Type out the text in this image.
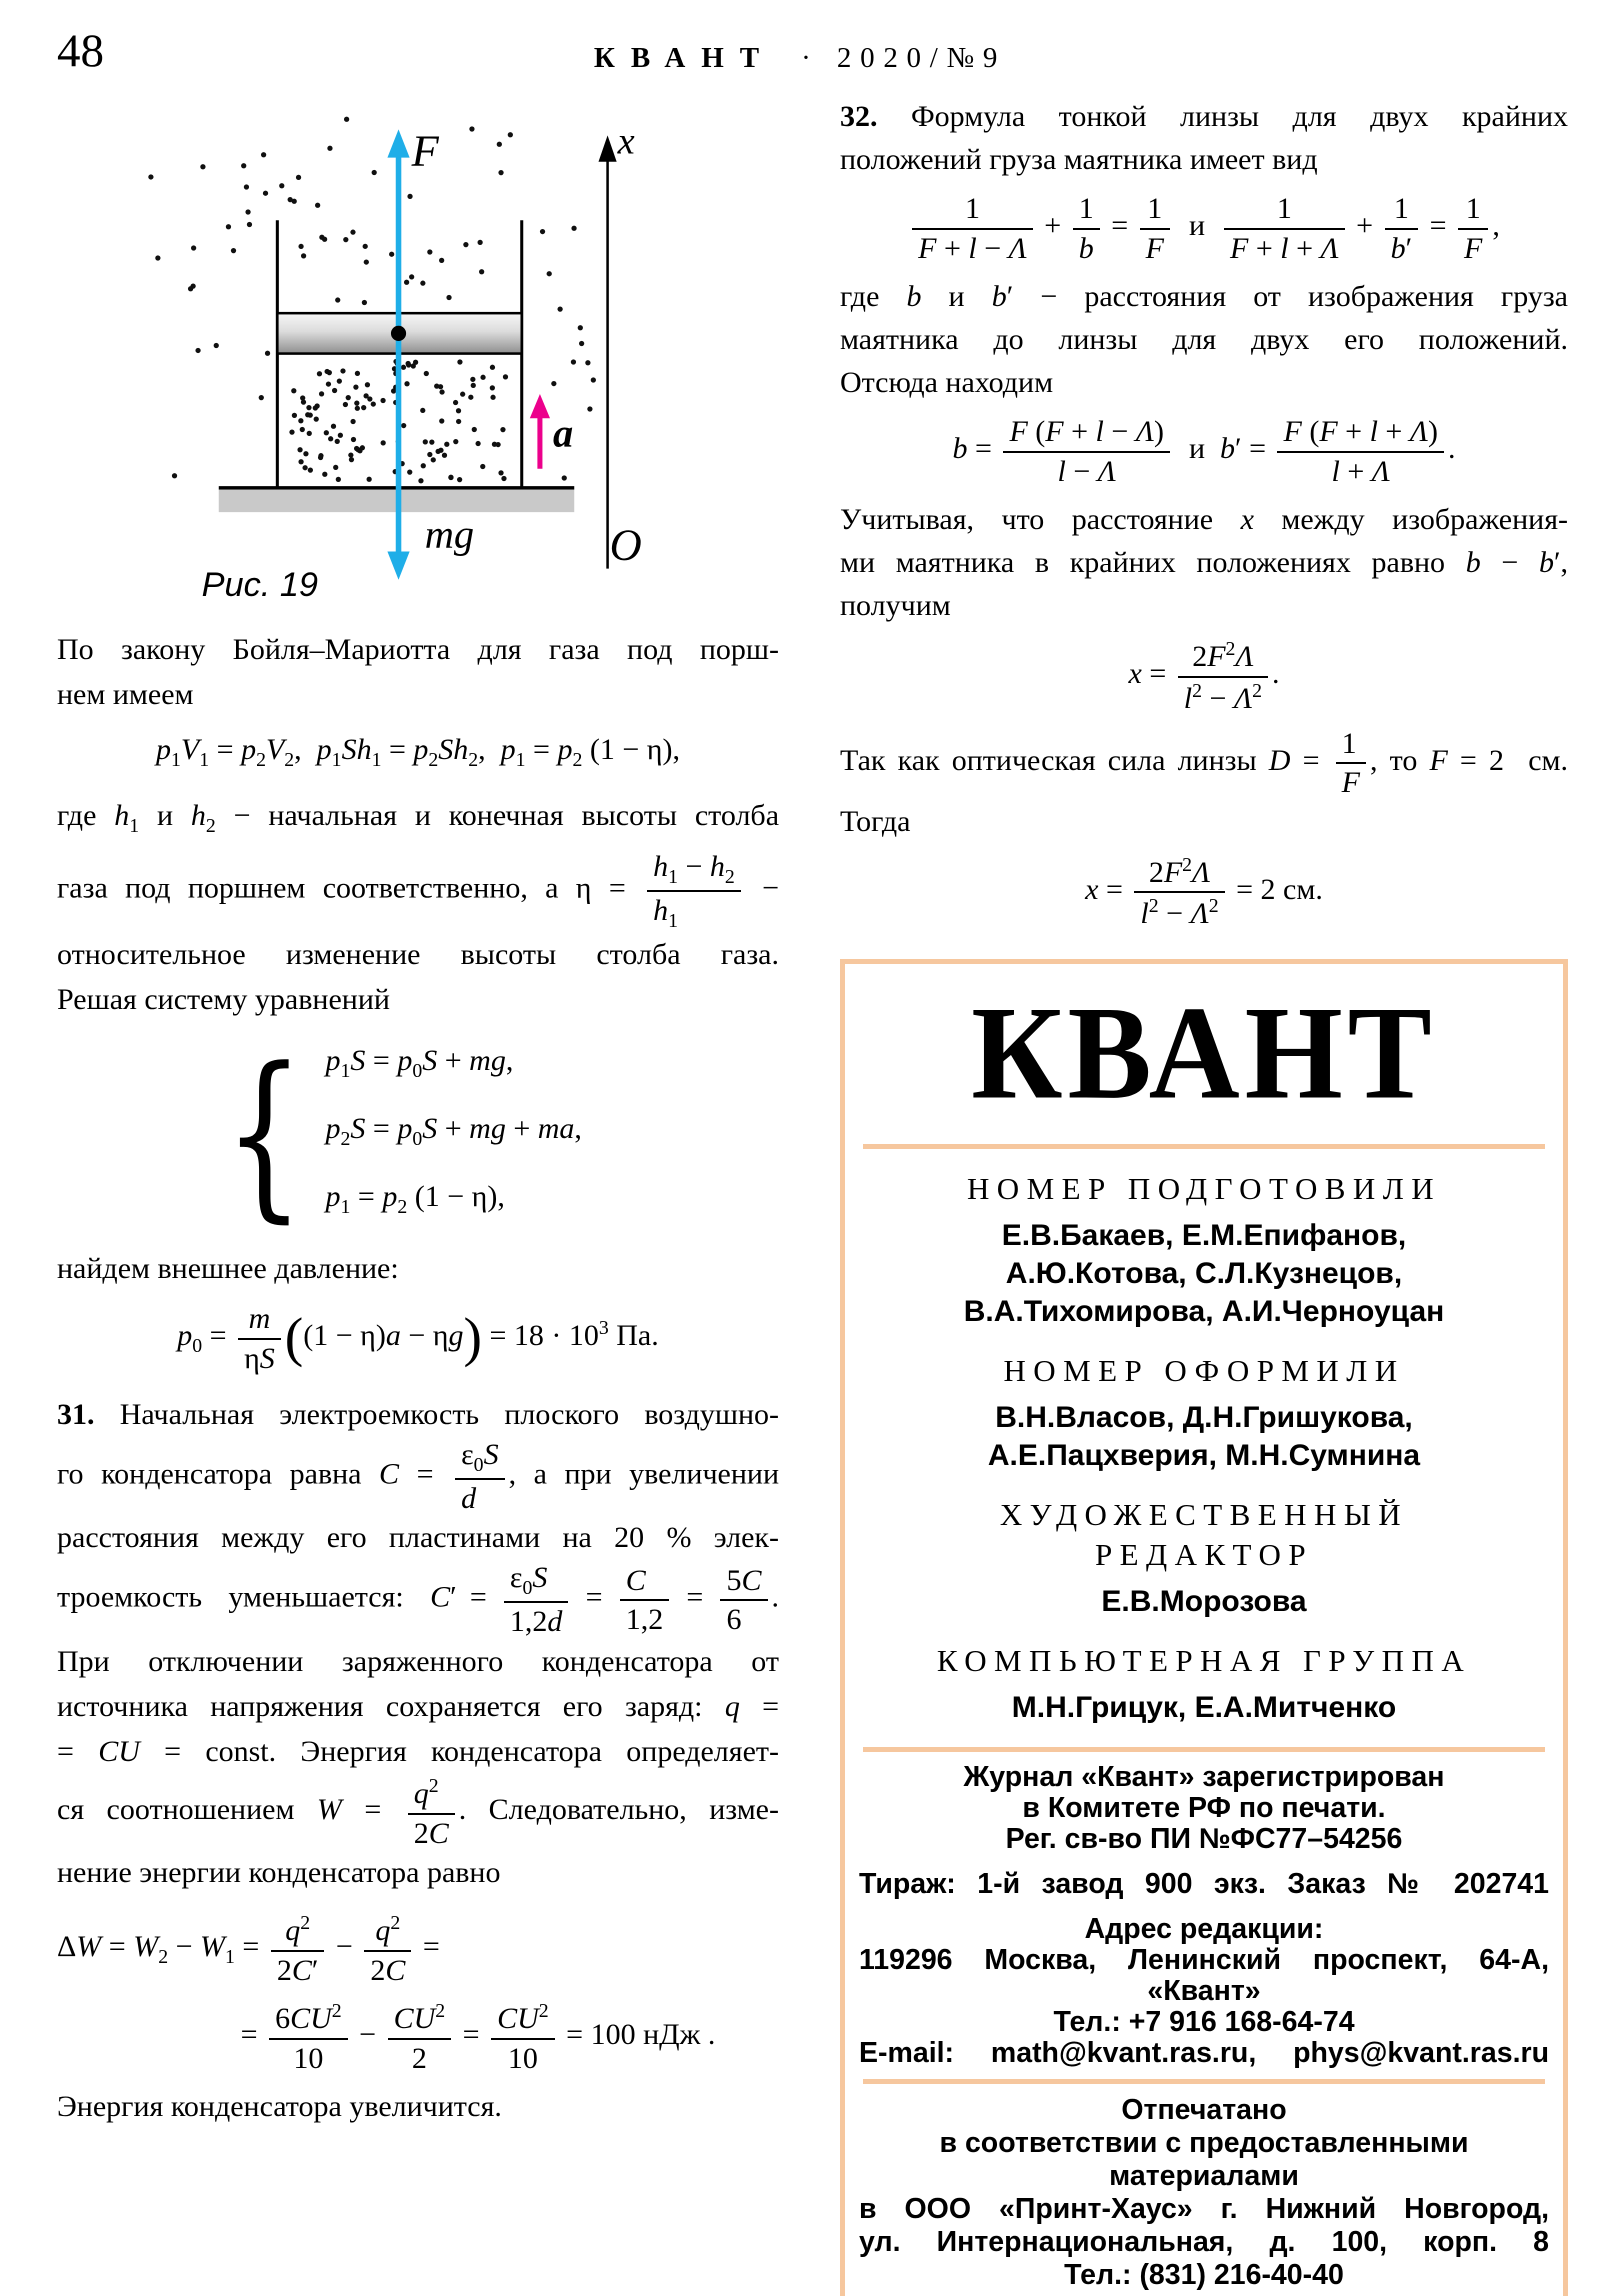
48	КВАНТ · 2020/№9
F
mg
a
x
O
Рис. 19
По закону Бойля–Мариотта для газа под порш-
нем имеем
$p_1V_1 = p_2V_2$,  $p_1Sh_1 = p_2Sh_2$,  $p_1 = p_2$ (1 − η),
где $h_1$ и $h_2$ − начальная и конечная высоты столба
газа под поршнем соответственно, а $\eta = \frac{h_1 - h_2}{h_1}$ −
относительное изменение высоты столба газа.
Решая систему уравнений
{ $p_1S = p_0S$ + mg,
$p_2S = p_0S$ + mg + ma,
$p_1 = p_2$ (1 − η),
найдем внешнее давление:
$p_0 = \frac{m}{\eta S} ((1 - \eta)a - \eta g) = 18 \cdot 10^3$ Па.
31. Начальная электроемкость плоского воздушно-
го конденсатора равна $C = \frac{\varepsilon_0S}{d}$ , а при увеличении
расстояния между его пластинами на 20 % элек-
троемкость  уменьшается:  $C' = \frac{\varepsilon_0S}{1,2d} = \frac{C}{1,2} = \frac{5C}{6}$ .
При отключении заряженного конденсатора от
источника напряжения сохраняется его заряд: q =
= CU = const. Энергия конденсатора определяет-
ся соотношением $W = \frac{q^2}{2C}$ . Следовательно, изме-
нение энергии конденсатора равно
$\Delta W = W_2 - W_1 = \frac{q^2}{2C'} - \frac{q^2}{2C}$ =
= $\frac{6CU^2}{10} - \frac{CU^2}{2} = \frac{CU^2}{10} = 100$ нДж .
Энергия конденсатора увеличится.
32. Формула тонкой линзы для двух крайних
положений груза маятника имеет вид
$\frac{1}{F + l - \Lambda} + \frac{1}{b} = \frac{1}{F}$ и $\frac{1}{F + l + \Lambda} + \frac{1}{b'} = \frac{1}{F}$ ,
где b и b′ − расстояния от изображения груза
маятника до линзы для двух его положений.
Отсюда находим
$b = \frac{F (F + l - \Lambda)}{l - \Lambda}$ и  $b' = \frac{F (F + l + \Lambda)}{l + \Lambda}$ .
Учитывая, что расстояние x между изображения-
ми маятника в крайних положениях равно b − b′,
получим
$x = \frac{2F^2\Lambda}{l^2 - \Lambda^2}$ .
Так как оптическая сила линзы $D = \frac{1}{F}$ , то F = 2  см.
Тогда
$x = \frac{2F^2\Lambda}{l^2 - \Lambda^2} = 2$ см.
КВАНТ
НОМЕР ПОДГОТОВИЛИ
Е.В.Бакаев, Е.М.Епифанов,
А.Ю.Котова, С.Л.Кузнецов,
В.А.Тихомирова, А.И.Черноуцан
НОМЕР ОФОРМИЛИ
В.Н.Власов, Д.Н.Гришукова,
А.Е.Пацхверия, М.Н.Сумнина
ХУДОЖЕСТВЕННЫЙ
РЕДАКТОР
Е.В.Морозова
КОМПЬЮТЕРНАЯ ГРУППА
М.Н.Грицук, Е.А.Митченко
Журнал «Квант» зарегистрирован
в Комитете РФ по печати.
Рег. св-во ПИ №ФС77–54256
Тираж: 1-й завод 900 экз. Заказ № 202741
Адрес редакции:
119296 Москва, Ленинский проспект, 64-А,
«Квант»
Тел.: +7 916 168-64-74
E-mail: math@kvant.ras.ru, phys@kvant.ras.ru
Отпечатано
в соответствии с предоставленными
материалами
в ООО «Принт-Хаус» г. Нижний Новгород,
ул. Интернациональная, д. 100, корп. 8
Тел.: (831) 216-40-40
